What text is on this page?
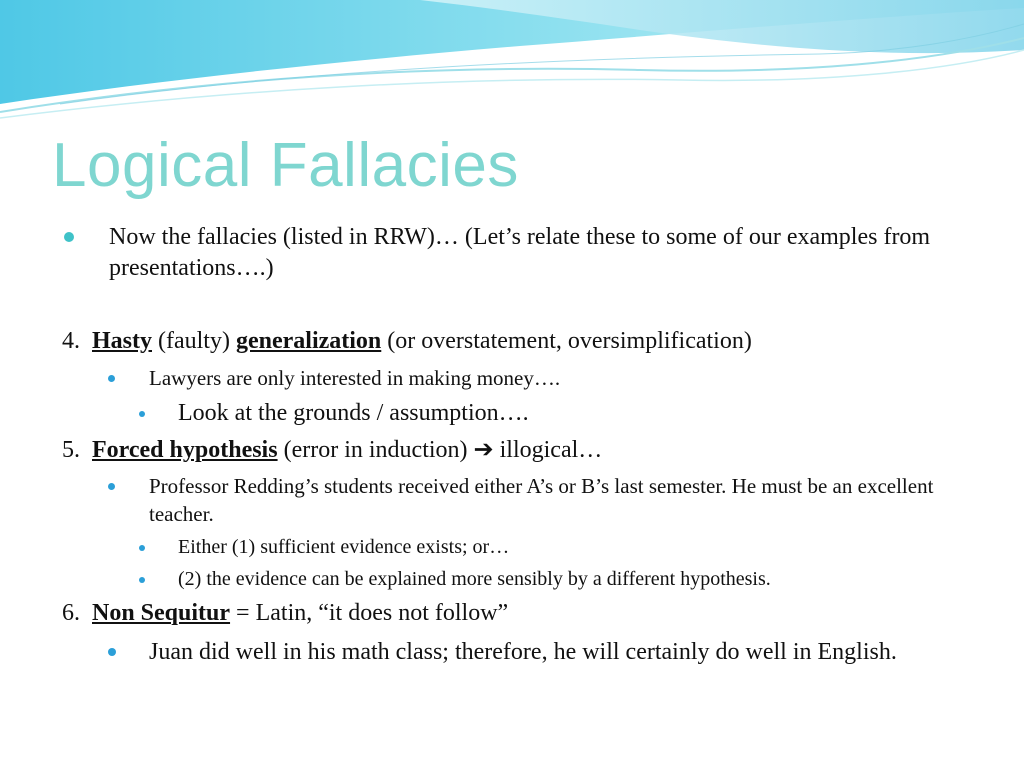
Logical Fallacies
Now the fallacies (listed in RRW)… (Let’s relate these to some of our examples from presentations….)
4. Hasty (faulty) generalization (or overstatement, oversimplification)
Lawyers are only interested in making money….
Look at the grounds / assumption….
5. Forced hypothesis (error in induction) ➔ illogical…
Professor Redding’s students received either A’s or B’s last semester. He must be an excellent teacher.
Either (1) sufficient evidence exists; or…
(2) the evidence can be explained more sensibly by a different hypothesis.
6. Non Sequitur = Latin, “it does not follow”
Juan did well in his math class; therefore, he will certainly do well in English.
